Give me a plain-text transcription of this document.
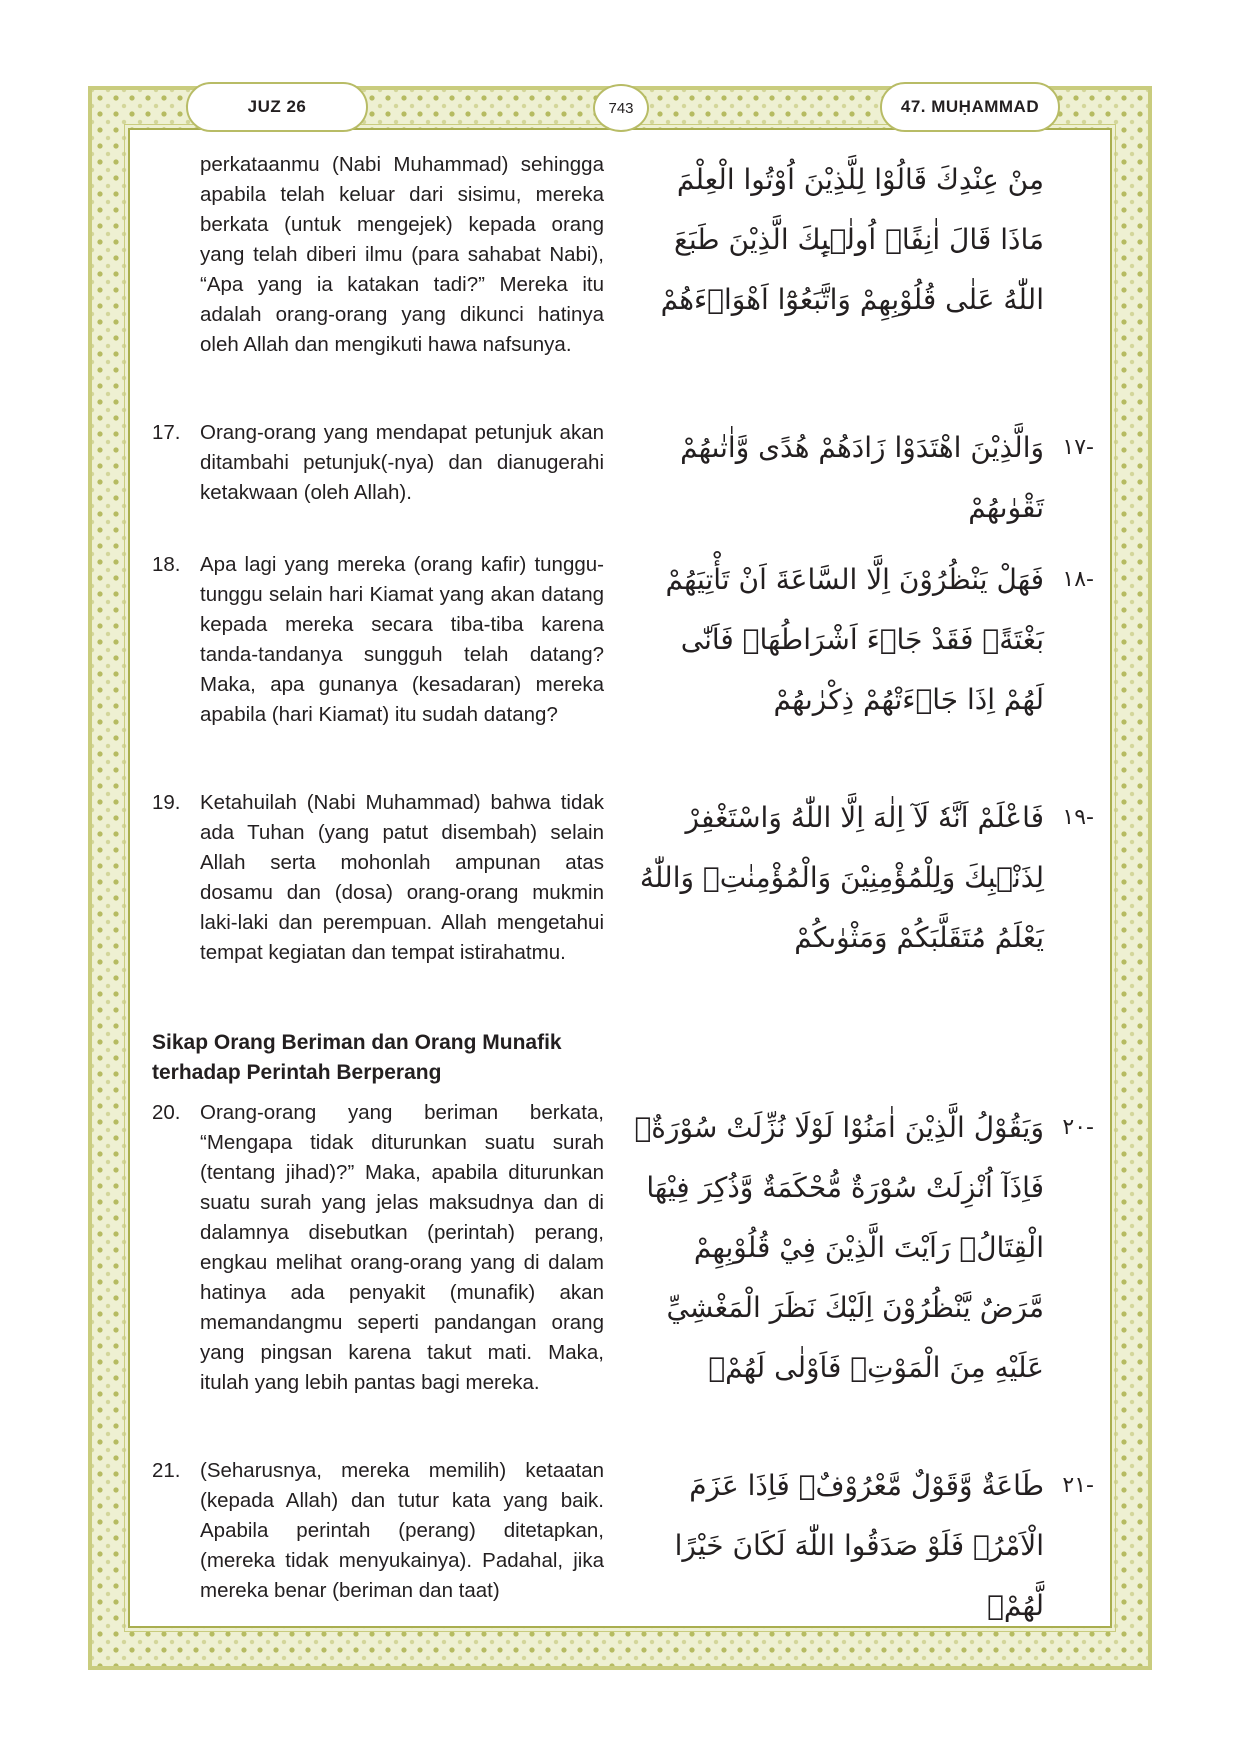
JUZ 26	743	47. MUḤAMMAD
perkataanmu (Nabi Muhammad) sehingga apabila telah keluar dari sisimu, mereka berkata (untuk mengejek) kepada orang yang telah diberi ilmu (para sahabat Nabi), “Apa yang ia katakan tadi?” Mereka itu adalah orang-orang yang dikunci hatinya oleh Allah dan mengikuti hawa nafsunya.
مِنْ عِنْدِكَ قَالُوْا لِلَّذِيْنَ اُوْتُوا الْعِلْمَ مَاذَا قَالَ اٰنِفًاۗ اُولٰۤىِٕكَ الَّذِيْنَ طَبَعَ اللّٰهُ عَلٰى قُلُوْبِهِمْ وَاتَّبَعُوْٓا اَهْوَاۤءَهُمْ
17. Orang-orang yang mendapat petunjuk akan ditambahi petunjuk(-nya) dan dianugerahi ketakwaan (oleh Allah).
-١٧
وَالَّذِيْنَ اهْتَدَوْا زَادَهُمْ هُدًى وَّاٰتٰىهُمْ تَقْوٰىهُمْ
18. Apa lagi yang mereka (orang kafir) tunggu-tunggu selain hari Kiamat yang akan datang kepada mereka secara tiba-tiba karena tanda-tandanya sungguh telah datang? Maka, apa gunanya (kesadaran) mereka apabila (hari Kiamat) itu sudah datang?
-١٨
فَهَلْ يَنْظُرُوْنَ اِلَّا السَّاعَةَ اَنْ تَأْتِيَهُمْ بَغْتَةًۚ فَقَدْ جَاۤءَ اَشْرَاطُهَاۚ فَاَنّٰى لَهُمْ اِذَا جَاۤءَتْهُمْ ذِكْرٰىهُمْ
19. Ketahuilah (Nabi Muhammad) bahwa tidak ada Tuhan (yang patut disembah) selain Allah serta mohonlah ampunan atas dosamu dan (dosa) orang-orang mukmin laki-laki dan perempuan. Allah mengetahui tempat kegiatan dan tempat istirahatmu.
-١٩
فَاعْلَمْ اَنَّهٗ لَآ اِلٰهَ اِلَّا اللّٰهُ وَاسْتَغْفِرْ لِذَنْۢبِكَ وَلِلْمُؤْمِنِيْنَ وَالْمُؤْمِنٰتِۗ وَاللّٰهُ يَعْلَمُ مُتَقَلَّبَكُمْ وَمَثْوٰىكُمْ
Sikap Orang Beriman dan Orang Munafik terhadap Perintah Berperang
20. Orang-orang yang beriman berkata, “Mengapa tidak diturunkan suatu surah (tentang jihad)?” Maka, apabila diturunkan suatu surah yang jelas maksudnya dan di dalamnya disebutkan (perintah) perang, engkau melihat orang-orang yang di dalam hatinya ada penyakit (munafik) akan memandangmu seperti pandangan orang yang pingsan karena takut mati. Maka, itulah yang lebih pantas bagi mereka.
-٢٠
وَيَقُوْلُ الَّذِيْنَ اٰمَنُوْا لَوْلَا نُزِّلَتْ سُوْرَةٌۚ فَاِذَآ اُنْزِلَتْ سُوْرَةٌ مُّحْكَمَةٌ وَّذُكِرَ فِيْهَا الْقِتَالُۙ رَاَيْتَ الَّذِيْنَ فِيْ قُلُوْبِهِمْ مَّرَضٌ يَّنْظُرُوْنَ اِلَيْكَ نَظَرَ الْمَغْشِيِّ عَلَيْهِ مِنَ الْمَوْتِۗ فَاَوْلٰى لَهُمْۚ
21. (Seharusnya, mereka memilih) ketaatan (kepada Allah) dan tutur kata yang baik. Apabila perintah (perang) ditetapkan, (mereka tidak menyukainya). Padahal, jika mereka benar (beriman dan taat)
-٢١
طَاعَةٌ وَّقَوْلٌ مَّعْرُوْفٌۗ فَاِذَا عَزَمَ الْاَمْرُۗ فَلَوْ صَدَقُوا اللّٰهَ لَكَانَ خَيْرًا لَّهُمْۚ
